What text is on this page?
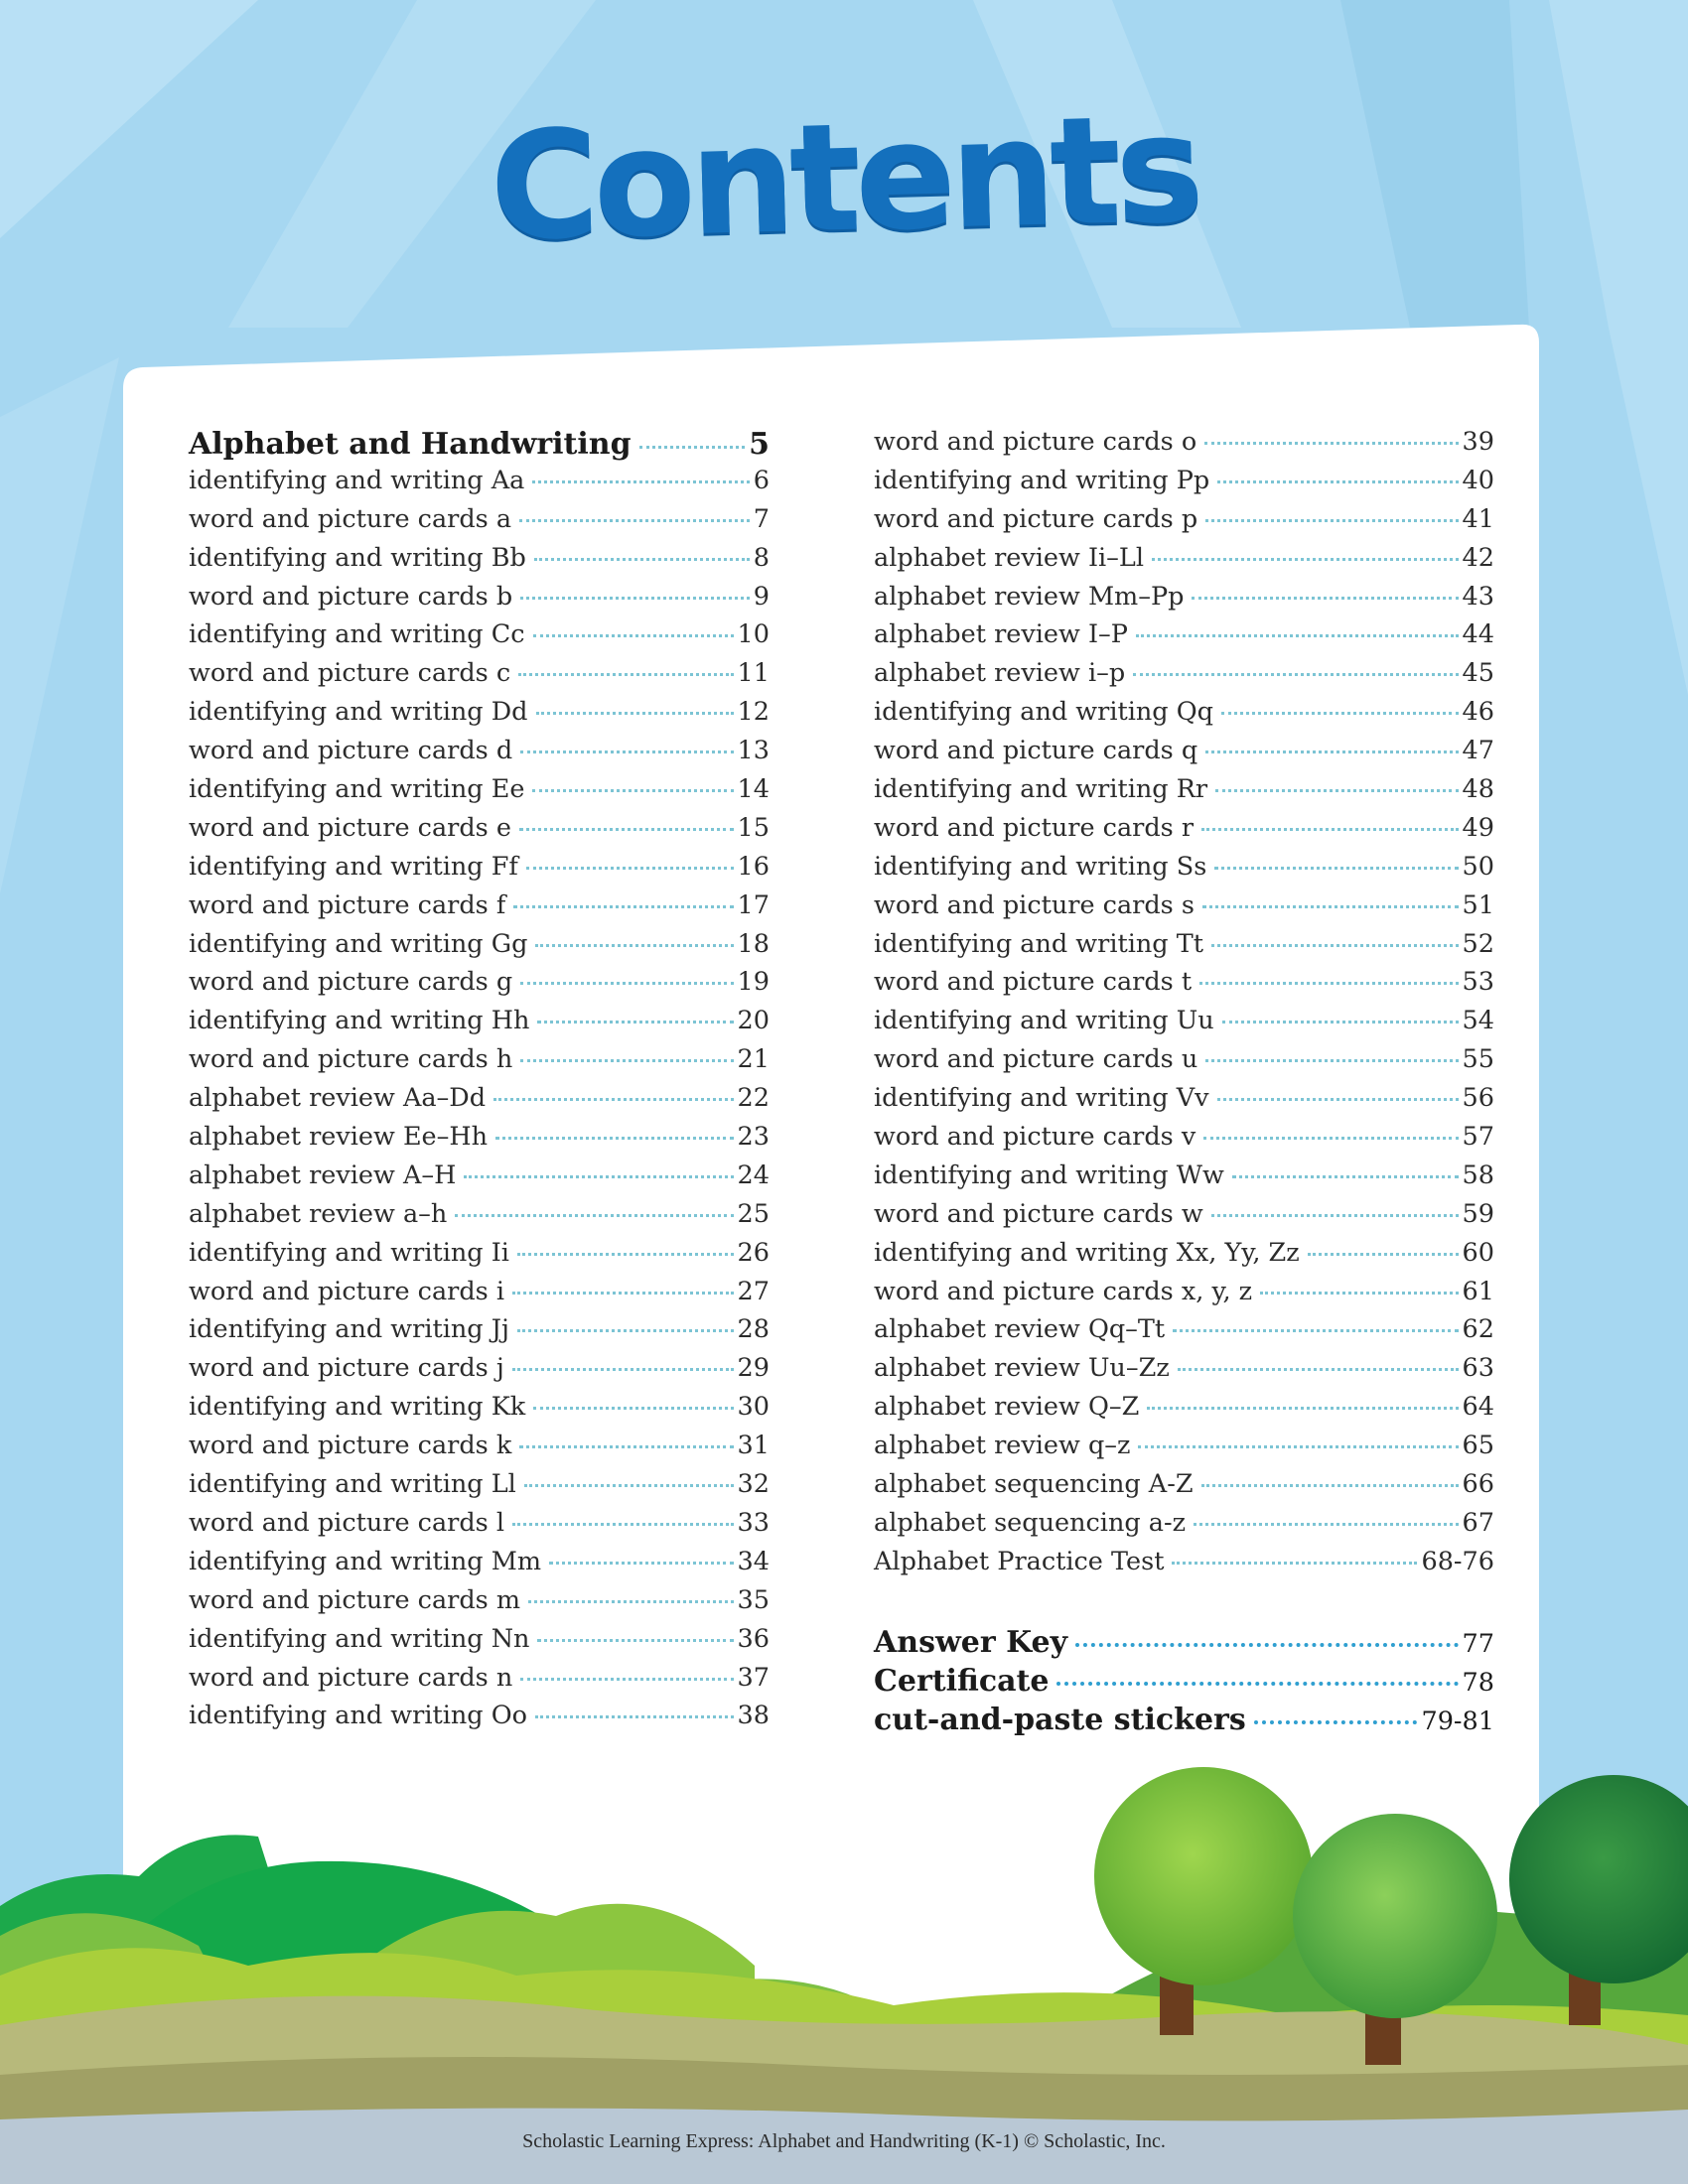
Contents
Alphabet and Handwriting	5
identifying and writing Aa	6
word and picture cards a	7
identifying and writing Bb	8
word and picture cards b	9
identifying and writing Cc	10
word and picture cards c	11
identifying and writing Dd	12
word and picture cards d	13
identifying and writing Ee	14
word and picture cards e	15
identifying and writing Ff	16
word and picture cards f	17
identifying and writing Gg	18
word and picture cards g	19
identifying and writing Hh	20
word and picture cards h	21
alphabet review Aa–Dd	22
alphabet review Ee–Hh	23
alphabet review A–H	24
alphabet review a–h	25
identifying and writing Ii	26
word and picture cards i	27
identifying and writing Jj	28
word and picture cards j	29
identifying and writing Kk	30
word and picture cards k	31
identifying and writing Ll	32
word and picture cards l	33
identifying and writing Mm	34
word and picture cards m	35
identifying and writing Nn	36
word and picture cards n	37
identifying and writing Oo	38
word and picture cards o	39
identifying and writing Pp	40
word and picture cards p	41
alphabet review Ii–Ll	42
alphabet review Mm–Pp	43
alphabet review I–P	44
alphabet review i–p	45
identifying and writing Qq	46
word and picture cards q	47
identifying and writing Rr	48
word and picture cards r	49
identifying and writing Ss	50
word and picture cards s	51
identifying and writing Tt	52
word and picture cards t	53
identifying and writing Uu	54
word and picture cards u	55
identifying and writing Vv	56
word and picture cards v	57
identifying and writing Ww	58
word and picture cards w	59
identifying and writing Xx, Yy, Zz	60
word and picture cards x, y, z	61
alphabet review Qq–Tt	62
alphabet review Uu–Zz	63
alphabet review Q–Z	64
alphabet review q–z	65
alphabet sequencing A-Z	66
alphabet sequencing a-z	67
Alphabet Practice Test	68-76
Answer Key	77
Certificate	78
cut-and-paste stickers	79-81
Scholastic Learning Express: Alphabet and Handwriting (K-1) © Scholastic, Inc.
